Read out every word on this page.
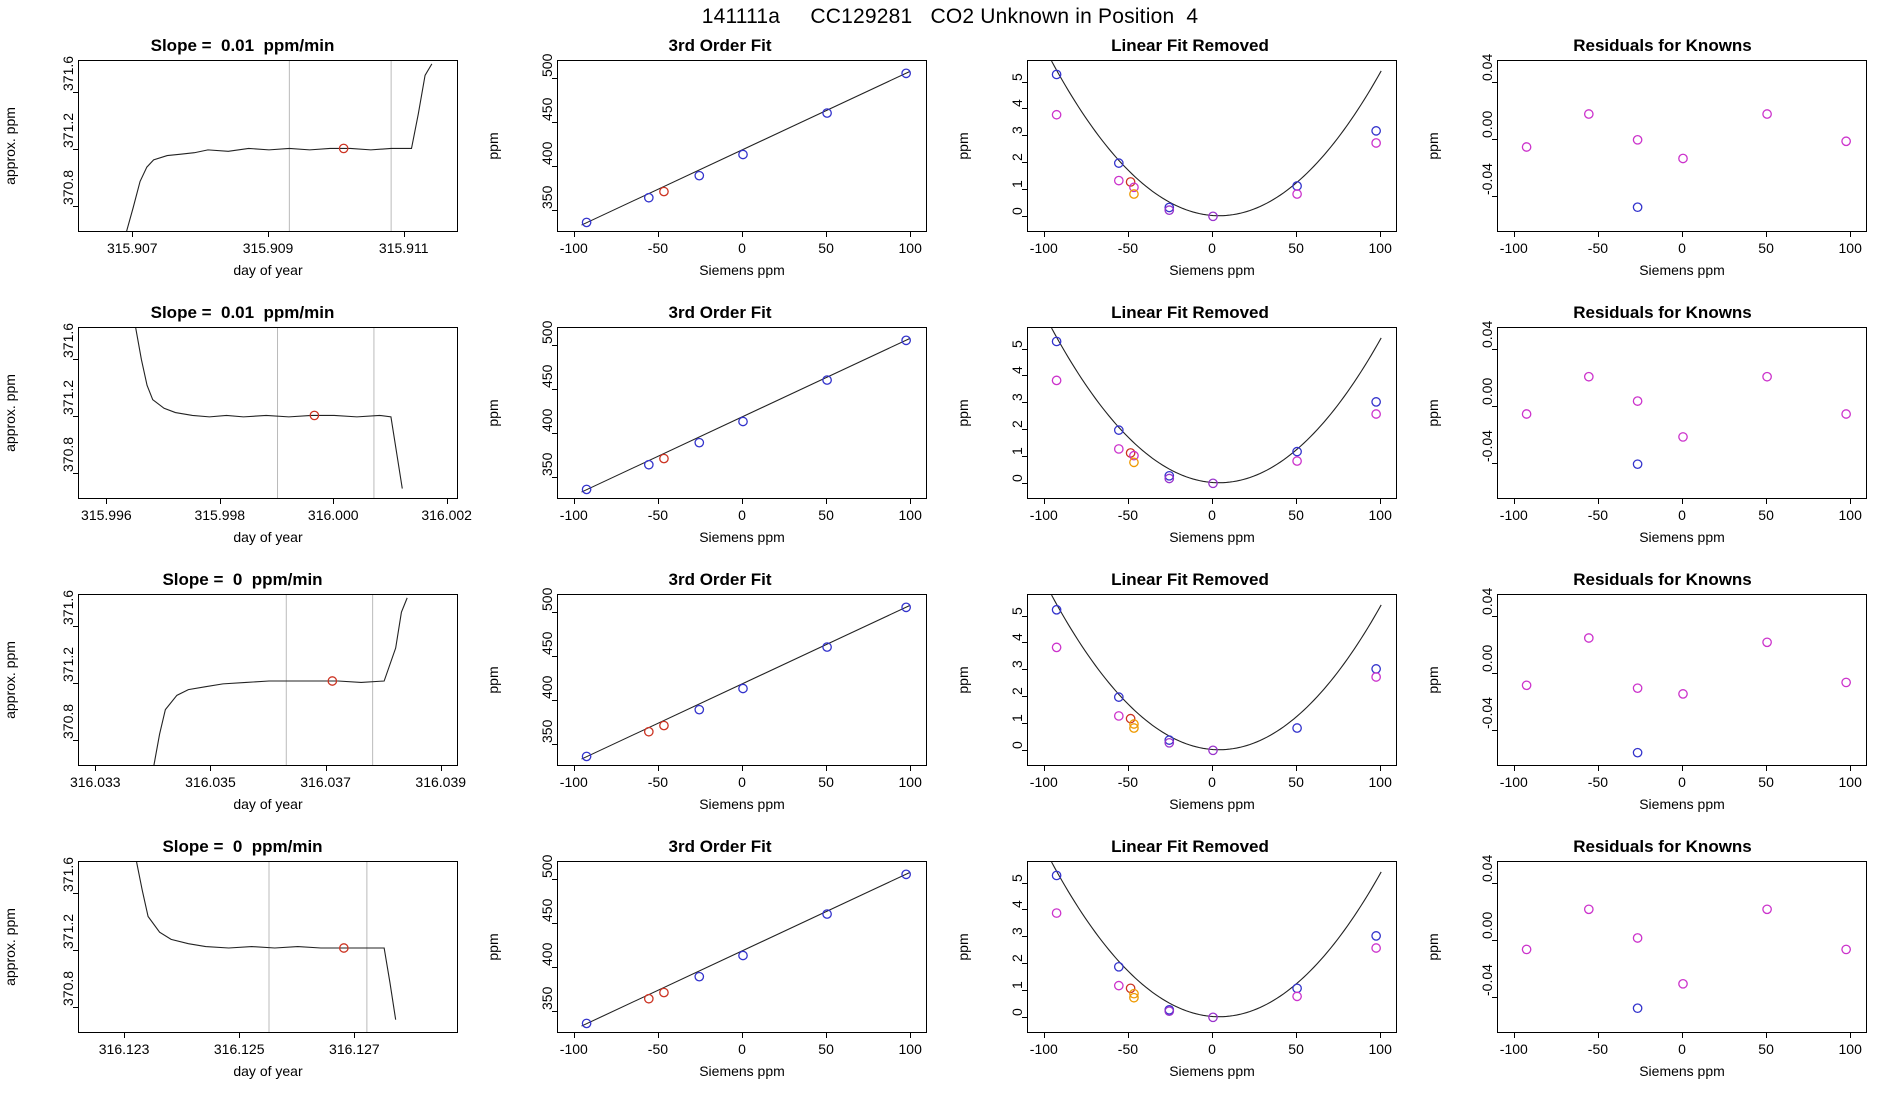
141111a     CC129281   CO2 Unknown in Position  4
Slope =  0.01  ppm/min
315.907	315.909	315.911
370.8
371.2
371.6
day of year
approx. ppm
3rd Order Fit
-100	-50	0	50	100
350
400
450
500
Siemens ppm
ppm
Linear Fit Removed
-100	-50	0	50	100
0
1
2
3
4
5
Siemens ppm
ppm
Residuals for Knowns
-100	-50	0	50	100
-0.04
0.00
0.04
Siemens ppm
ppm
Slope =  0.01  ppm/min
315.996	315.998	316.000	316.002
370.8
371.2
371.6
day of year
approx. ppm
3rd Order Fit
-100	-50	0	50	100
350
400
450
500
Siemens ppm
ppm
Linear Fit Removed
-100	-50	0	50	100
0
1
2
3
4
5
Siemens ppm
ppm
Residuals for Knowns
-100	-50	0	50	100
-0.04
0.00
0.04
Siemens ppm
ppm
Slope =  0  ppm/min
316.033	316.035	316.037	316.039
370.8
371.2
371.6
day of year
approx. ppm
3rd Order Fit
-100	-50	0	50	100
350
400
450
500
Siemens ppm
ppm
Linear Fit Removed
-100	-50	0	50	100
0
1
2
3
4
5
Siemens ppm
ppm
Residuals for Knowns
-100	-50	0	50	100
-0.04
0.00
0.04
Siemens ppm
ppm
Slope =  0  ppm/min
316.123	316.125	316.127
370.8
371.2
371.6
day of year
approx. ppm
3rd Order Fit
-100	-50	0	50	100
350
400
450
500
Siemens ppm
ppm
Linear Fit Removed
-100	-50	0	50	100
0
1
2
3
4
5
Siemens ppm
ppm
Residuals for Knowns
-100	-50	0	50	100
-0.04
0.00
0.04
Siemens ppm
ppm
